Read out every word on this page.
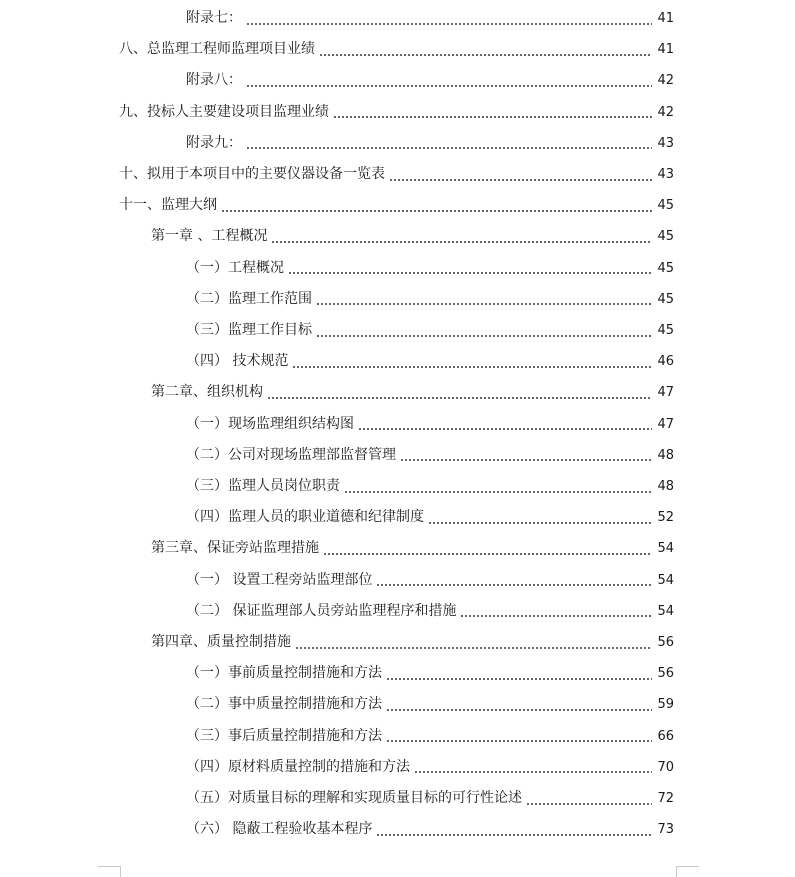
附录七：	41
八、总监理工程师监理项目业绩	41
附录八：	42
九、投标人主要建设项目监理业绩	42
附录九：	43
十、拟用于本项目中的主要仪器设备一览表	43
十一、监理大纲	45
第一章 、工程概况	45
（一）工程概况	45
（二）监理工作范围	45
（三）监理工作目标	45
（四） 技术规范	46
第二章、组织机构	47
（一）现场监理组织结构图	47
（二）公司对现场监理部监督管理	48
（三）监理人员岗位职责	48
（四）监理人员的职业道德和纪律制度	52
第三章、保证旁站监理措施	54
（一） 设置工程旁站监理部位	54
（二） 保证监理部人员旁站监理程序和措施	54
第四章、质量控制措施	56
（一）事前质量控制措施和方法	56
（二）事中质量控制措施和方法	59
（三）事后质量控制措施和方法	66
（四）原材料质量控制的措施和方法	70
（五）对质量目标的理解和实现质量目标的可行性论述	72
（六） 隐蔽工程验收基本程序	73
